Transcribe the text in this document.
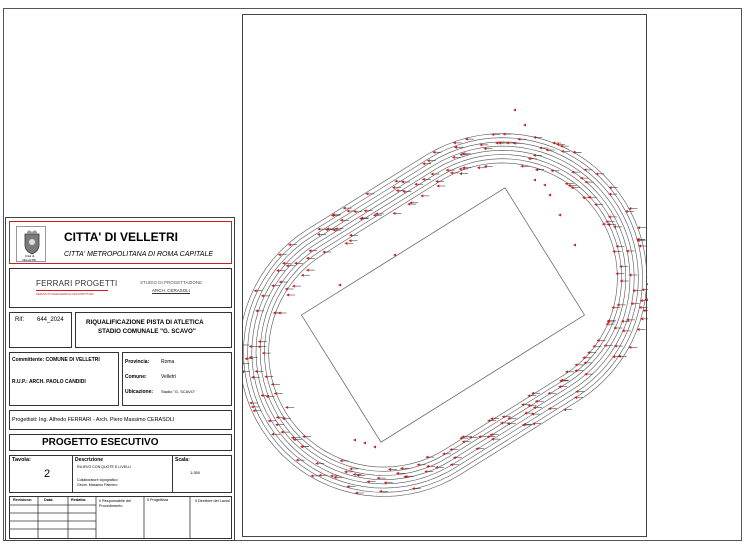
Città di
VELLETRI
CITTA' DI VELLETRI
CITTA' METROPOLITANA DI ROMA CAPITALE
FERRARI PROGETTI
SERVIZI DI INGEGNERIA E ARCHITETTURA
STUDIO DI PROGETTAZIONE
ARCH. CERASOLI
Rif: 644_2024	RIQUALIFICAZIONE PISTA DI ATLETICA
STADIO COMUNALE "G. SCAVO"
Committente: COMUNE DI VELLETRI
R.U.P.: ARCH. PAOLO CANDIDI
Provincia: Roma
Comune:	Velletri
Ubicazione: Stadio "G. SCAVO"
Progettisti: Ing. Alfredo FERRARI - Arch. Piero Massimo CERASOLI
PROGETTO ESECUTIVO
Tavola:
2
Descrizione
RILIEVO CON QUOTE E LIVELLI
Collaboratore topografico:
Geom. Massimo Palmero
Scala:
1:350
Revisione:	Data:	Redatto:	Il Responsabile del Procedimento
Il Progettista	Il Direttore dei Lavori
